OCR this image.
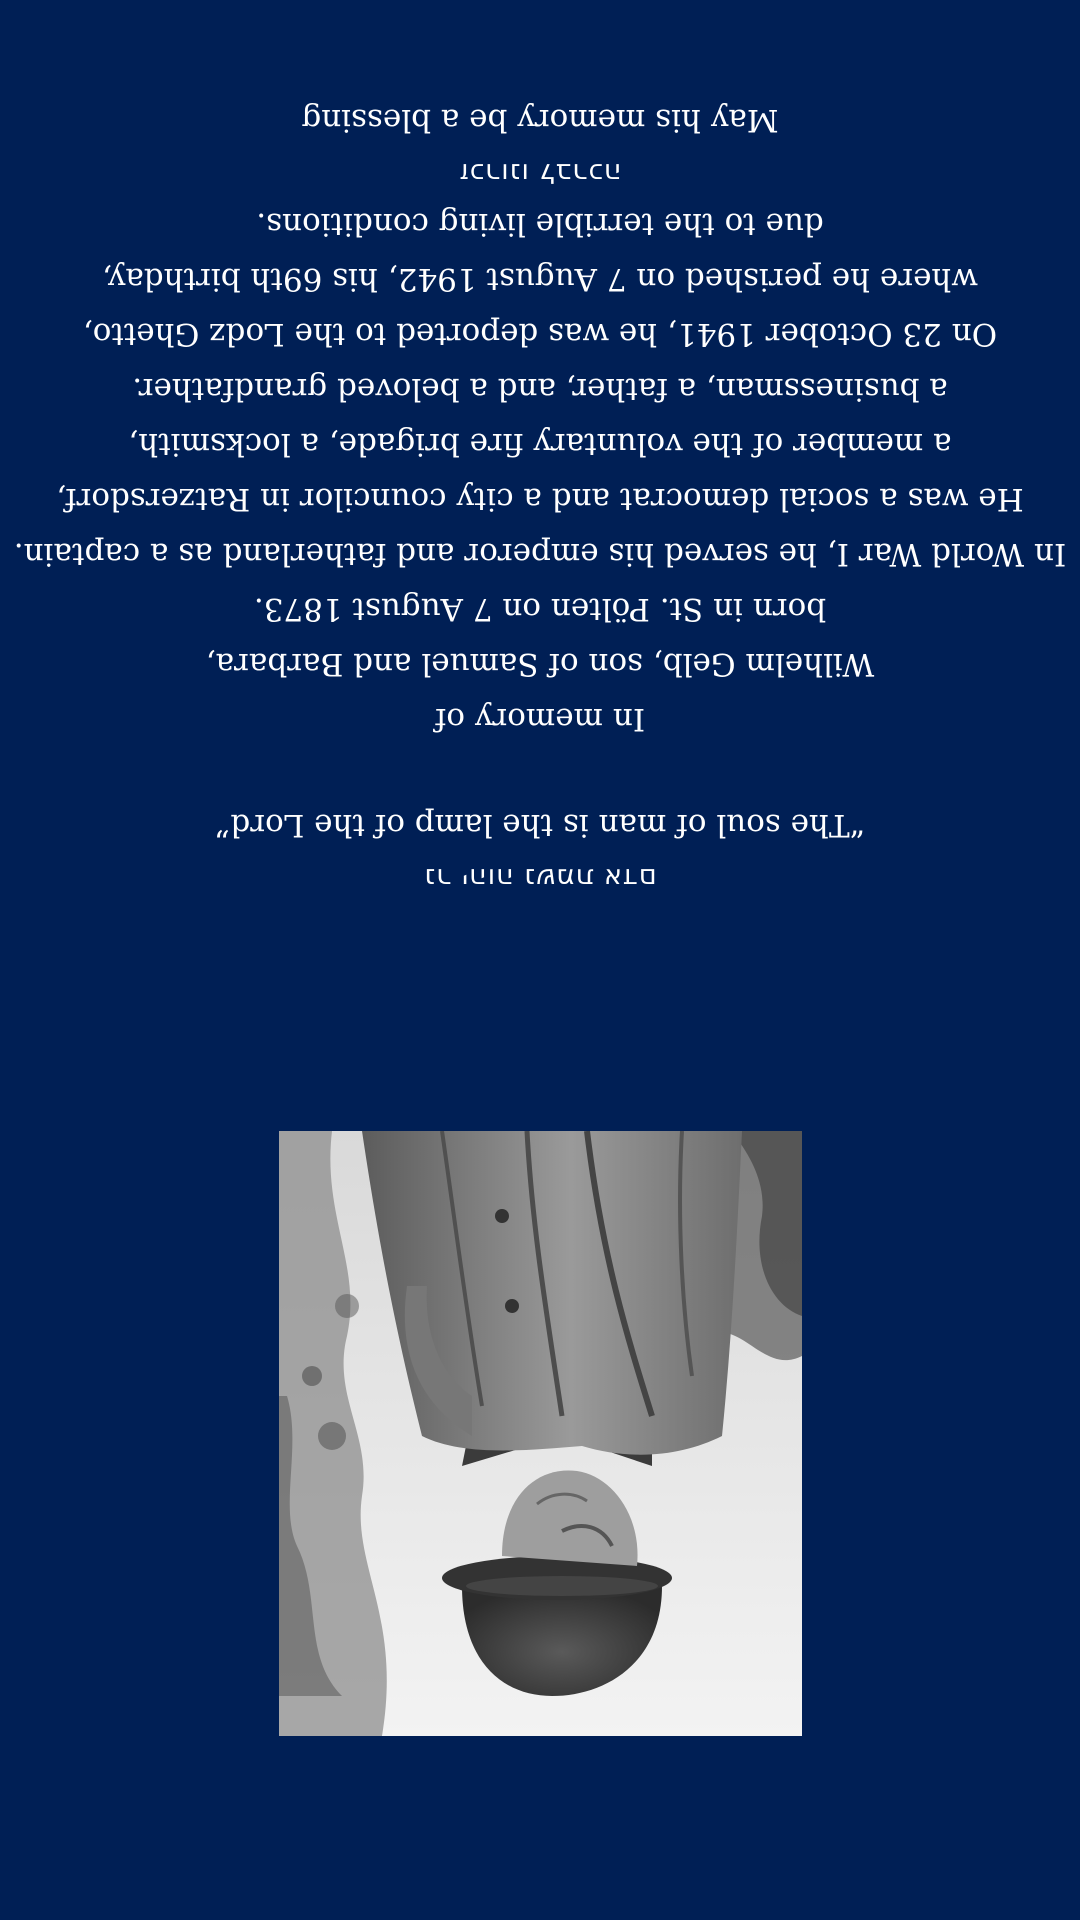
נר יהוה נשמת אדם
“The soul of man is the lamp of the Lord”
In memory of
Wilhelm Gelb, son of Samuel and Barbara,
born in St. Pölten on 7 August 1873.
In World War I, he served his emperor and fatherland as a captain.
He was a social democrat and a city councilor in Ratzersdorf,
a member of the voluntary fire brigade, a locksmith,
a businessman, a father, and a beloved grandfather.
On 23 October 1941, he was deported to the Lodz Ghetto,
where he perished on 7 August 1942, his 69th birthday,
due to the terrible living conditions.
זכרונו לברכה
May his memory be a blessing
